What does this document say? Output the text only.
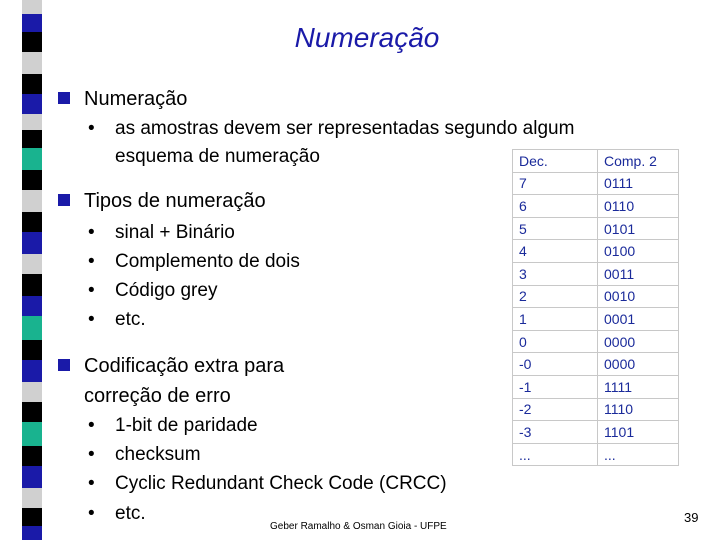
Numeração
Numeração
• as amostras devem ser representadas segundo algum
esquema de numeração
Tipos de numeração
• sinal + Binário
• Complemento de dois
• Código grey
• etc.
Codificação extra para
correção de erro
• 1-bit de paridade
• checksum
• Cyclic Redundant Check Code (CRCC)
• etc.
Dec.	Comp. 2
7	0111
6	0110
5	0101
4	0100
3	0011
2	0010
1	0001
0	0000
-0	0000
-1	1111
-2	1110
-3	1101
...	...
Geber Ramalho & Osman Gioia - UFPE
39
